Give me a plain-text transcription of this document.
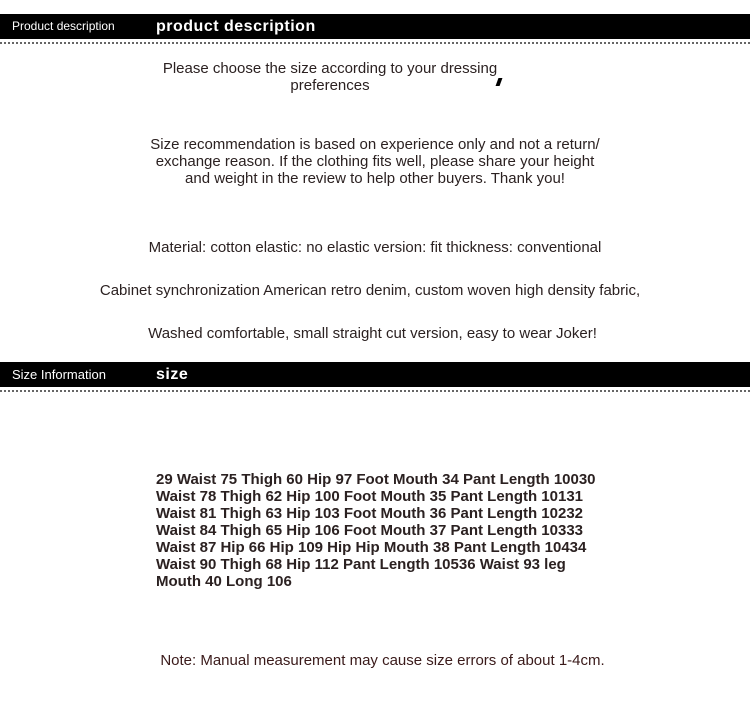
Product description	product description
Please choose the size according to your dressing
preferences
Size recommendation is based on experience only and not a return/
exchange reason. If the clothing fits well, please share your height
and weight in the review to help other buyers. Thank you!
Material: cotton elastic: no elastic version: fit thickness: conventional
Cabinet synchronization American retro denim, custom woven high density fabric,
Washed comfortable, small straight cut version, easy to wear Joker!
Size Information	size
29 Waist 75 Thigh 60 Hip 97 Foot Mouth 34 Pant Length 10030
Waist 78 Thigh 62 Hip 100 Foot Mouth 35 Pant Length 10131
Waist 81 Thigh 63 Hip 103 Foot Mouth 36 Pant Length 10232
Waist 84 Thigh 65 Hip 106 Foot Mouth 37 Pant Length 10333
Waist 87 Hip 66 Hip 109 Hip Hip Mouth 38 Pant Length 10434
Waist 90 Thigh 68 Hip 112 Pant Length 10536 Waist 93 leg
Mouth 40 Long 106
Note: Manual measurement may cause size errors of about 1-4cm.
